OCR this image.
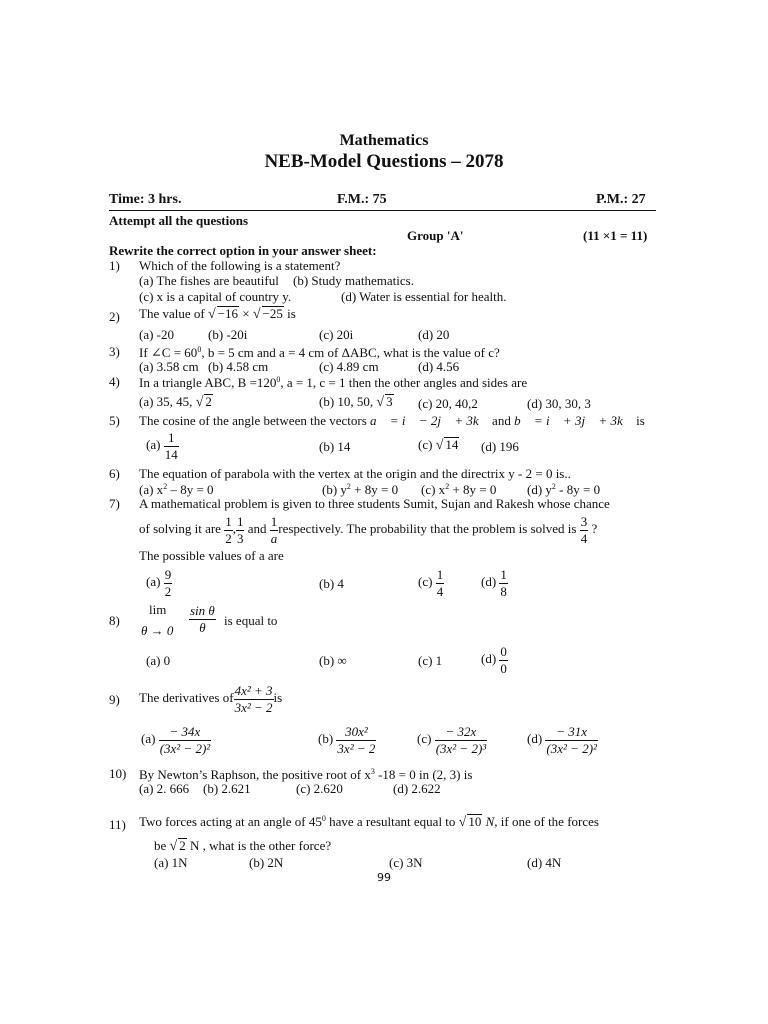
Mathematics
NEB-Model Questions – 2078
Time: 3 hrs.	F.M.: 75	P.M.: 27
Attempt all the questions
Group 'A'	(11 ×1 = 11)
Rewrite the correct option in your answer sheet:
1) Which of the following is a statement?
(a) The fishes are beautiful (b) Study mathematics.
(c) x is a capital of country y.	(d) Water is essential for health.
2) The value of √ −16 × √ −25 is
(a) -20	(b) -20i	(c) 20i	(d) 20
3) If ∠C = $60^0$, b = 5 cm and a = 4 cm of ΔABC, what is the value of c?
(a) 3.58 cm (b) 4.58 cm	(c) 4.89 cm	(d) 4.56
4) In a triangle ABC, $B =120^0$, a = 1, c = 1 then the other angles and sides are
(a) 35, 45, √ 2	(b) 10, 50, √ 3 (c) 20, 40,2	(d) 30, 30, 3
5) The cosine of the angle between the vectors a⃗ = i⃗ − 2j⃗ + 3k⃗ and b⃗ = i⃗ + 3j⃗ + 3k⃗ is
$(a) \frac{1}{14}$	(b) 14	(c) √ 14 (d) 196
6) The equation of parabola with the vertex at the origin and the directrix y - 2 = 0 is..
(a) $x^2 - 8y = 0$	(b) $y^2 + 8y = 0$ (c) $x^2 + 8y = 0$ (d) $y^2 - 8y = 0$
7) A mathematical problem is given to three students Sumit, Sujan and Rakesh whose chance
of solving it are $\frac{1}{2}$ , $\frac{1}{3}$ and $\frac{1}{a}$ respectively. The probability that the problem is solved is $\frac{3}{4}$ ?
The possible values of a are
$(a) \frac{9}{2}$	(b) 4	$(c) \frac{1}{4}$	$(d) \frac{1}{8}$
8)
lim
$\theta \to 0 \frac{\text{sin θ}}{\theta}$ is equal to
(a) 0	(b) ∞	(c) 1	$(d) \frac{0}{0}$
9) The derivatives of $\frac{\text{4x² + 3}}{\text{3x² − 2}}$ is
$(a) \frac{- 34x}{\text{(3x² − 2)²}}$	$(b) \frac{\text{30x²}}{\text{3x² − 2}}$	$(c) \frac{- 32x}{\text{(3x² − 2)³}}$	$(d) \frac{- 31x}{\text{(3x² − 2)²}}$
10) By Newton’s Raphson, the positive root of $x^3$ -18 = 0 in (2, 3) is
(a) 2. 666 (b) 2.621	(c) 2.620	(d) 2.622
11) Two forces acting at an angle of $45^0$ have a resultant equal to √ 10 N, if one of the forces
be √ 2 N , what is the other force?
(a) 1N	(b) 2N	(c) 3N	(d) 4N
99
